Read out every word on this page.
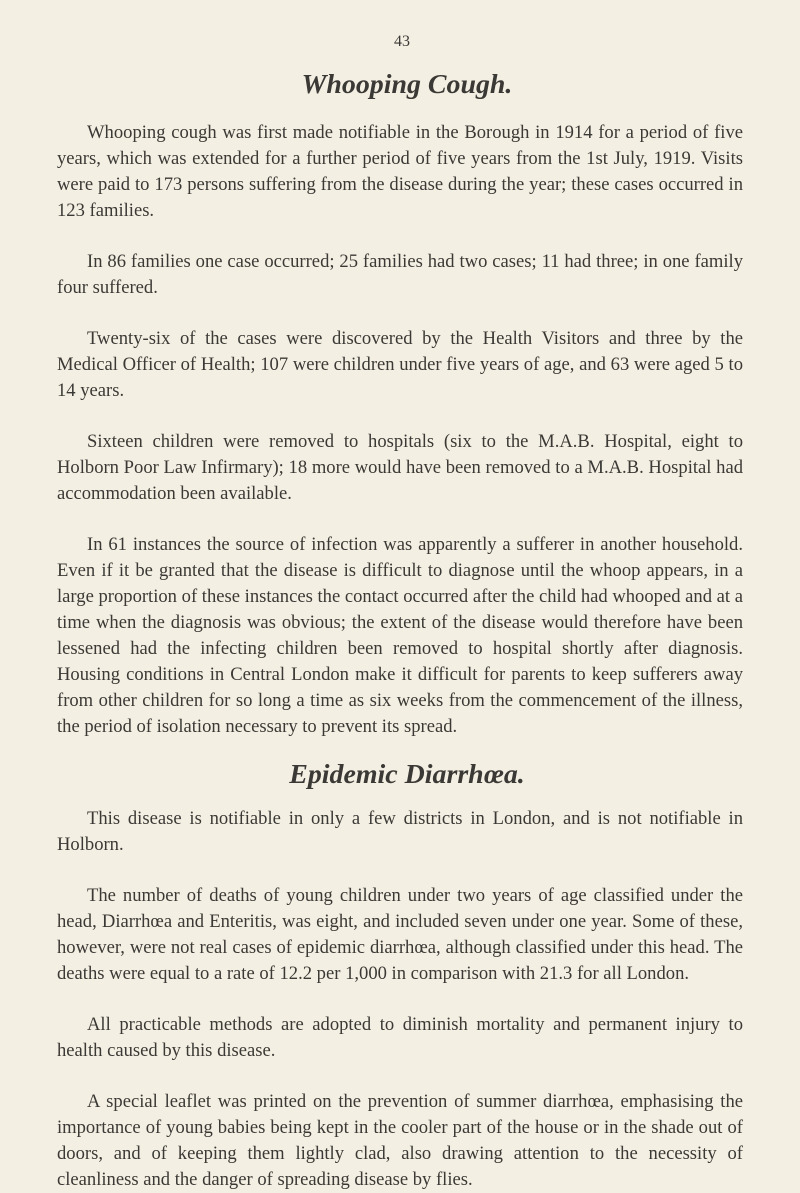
43
Whooping Cough.

Whooping cough was first made notifiable in the Borough in 1914 for a period of five years, which was extended for a further period of five years from the 1st July, 1919. Visits were paid to 173 persons suffering from the disease during the year; these cases occurred in 123 families.

In 86 families one case occurred; 25 families had two cases; 11 had three; in one family four suffered.

Twenty-six of the cases were discovered by the Health Visitors and three by the Medical Officer of Health; 107 were children under five years of age, and 63 were aged 5 to 14 years.

Sixteen children were removed to hospitals (six to the M.A.B. Hospital, eight to Holborn Poor Law Infirmary); 18 more would have been removed to a M.A.B. Hospital had accommodation been available.

In 61 instances the source of infection was apparently a sufferer in another household. Even if it be granted that the disease is difficult to diagnose until the whoop appears, in a large proportion of these instances the contact occurred after the child had whooped and at a time when the diagnosis was obvious; the extent of the disease would therefore have been lessened had the infecting children been removed to hospital shortly after diagnosis. Housing conditions in Central London make it difficult for parents to keep sufferers away from other children for so long a time as six weeks from the commencement of the illness, the period of isolation necessary to prevent its spread.

Epidemic Diarrhœa.

This disease is notifiable in only a few districts in London, and is not notifiable in Holborn.

The number of deaths of young children under two years of age classified under the head, Diarrhœa and Enteritis, was eight, and included seven under one year. Some of these, however, were not real cases of epidemic diarrhœa, although classified under this head. The deaths were equal to a rate of 12.2 per 1,000 in comparison with 21.3 for all London.

All practicable methods are adopted to diminish mortality and permanent injury to health caused by this disease.

A special leaflet was printed on the prevention of summer diarrhœa, emphasising the importance of young babies being kept in the cooler part of the house or in the shade out of doors, and of keeping them lightly clad, also drawing attention to the necessity of cleanliness and the danger of spreading disease by flies.
